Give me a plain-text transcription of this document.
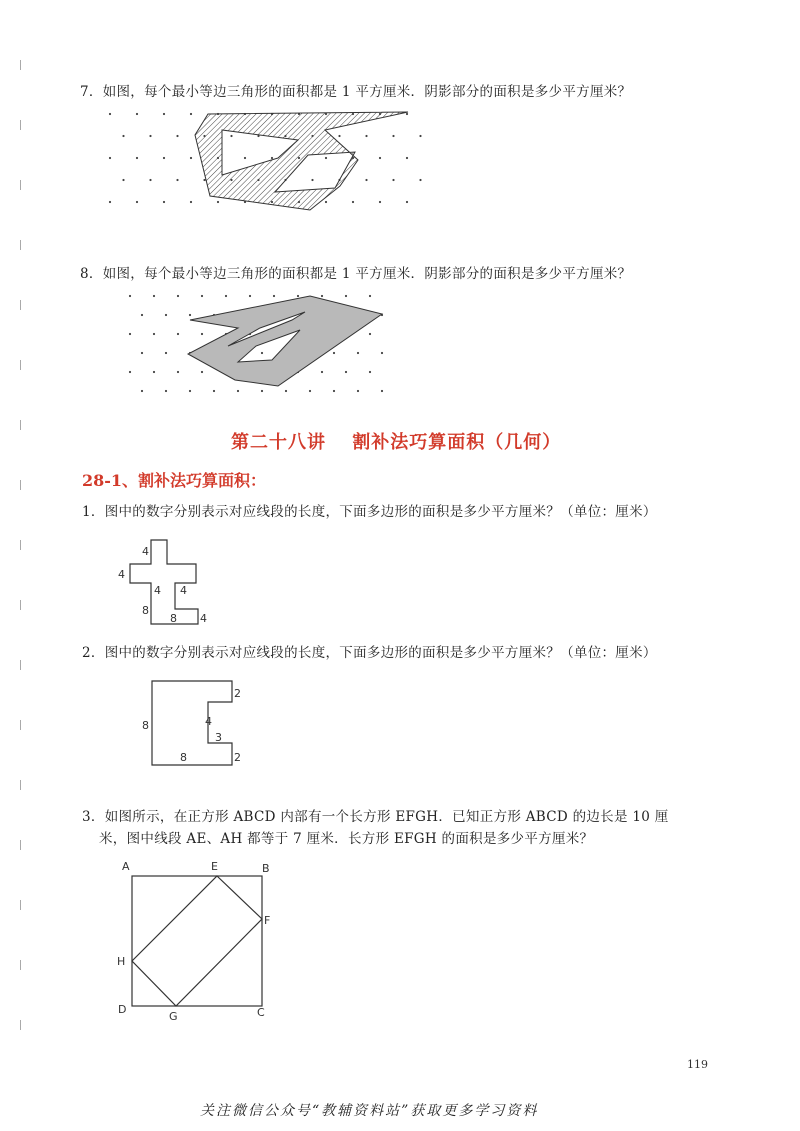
7．如图，每个最小等边三角形的面积都是 1 平方厘米．阴影部分的面积是多少平方厘米？
8．如图，每个最小等边三角形的面积都是 1 平方厘米．阴影部分的面积是多少平方厘米？
第二十八讲　 割补法巧算面积（几何）
28-1、割补法巧算面积：
1．图中的数字分别表示对应线段的长度，下面多边形的面积是多少平方厘米？（单位：厘米）
4
4
4 4
8
8 4
2．图中的数字分别表示对应线段的长度，下面多边形的面积是多少平方厘米？（单位：厘米）
2
4
3
8
2
8
3．如图所示，在正方形 ABCD 内部有一个长方形 EFGH．已知正方形 ABCD 的边长是 10 厘
米，图中线段 AE、AH 都等于 7 厘米．长方形 EFGH 的面积是多少平方厘米？
A	E	B
F
H
D
G	C
119
关注微信公众号“教辅资料站”获取更多学习资料
